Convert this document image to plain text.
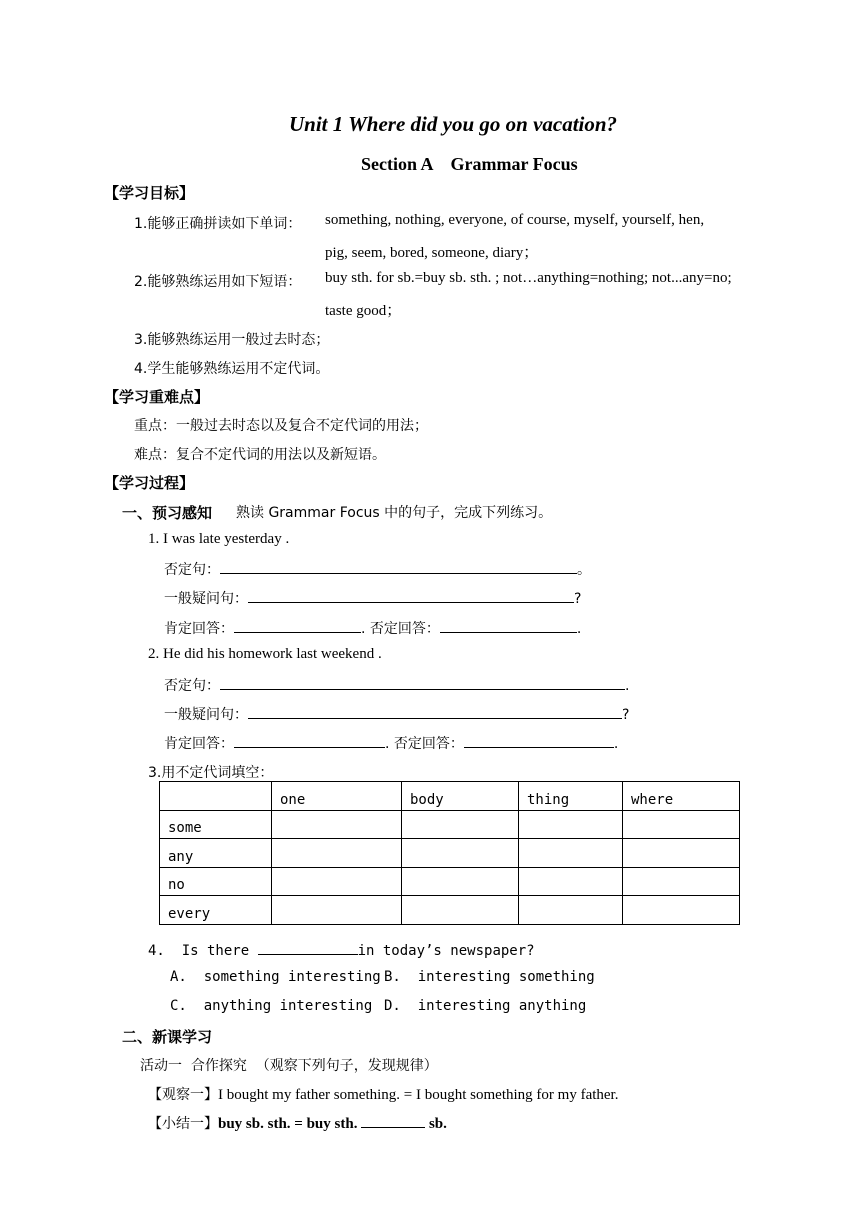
Unit 1 Where did you go on vacation?
Section A　Grammar Focus
【学习目标】
1.能够正确拼读如下单词： something, nothing, everyone, of course, myself, yourself, hen,
pig, seem, bored, someone, diary；
2.能够熟练运用如下短语： buy sth. for sb.=buy sb. sth. ; not…anything=nothing; not...any=no;
taste good；
3.能够熟练运用一般过去时态；
4.学生能够熟练运用不定代词。
【学习重难点】
重点：一般过去时态以及复合不定代词的用法；
难点：复合不定代词的用法以及新短语。
【学习过程】
一、预习感知 熟读 Grammar Focus 中的句子，完成下列练习。
1. I was late yesterday .
否定句：	。
一般疑问句：	?
肯定回答：	. 否定回答：	.
2. He did his homework last weekend .
否定句：	.
一般疑问句：	?
肯定回答：	. 否定回答：	.
3.用不定代词填空：
	one	body	thing	where
some				
any				
no				
every				
4.  Is there	in today’s newspaper?
A.  something interesting B.  interesting something
C.  anything interesting D.  interesting anything
二、新课学习
活动一  合作探究  （观察下列句子，发现规律）
【观察一】I bought my father something. = I bought something for my father.
【小结一】buy sb. sth. = buy sth.	sb.
